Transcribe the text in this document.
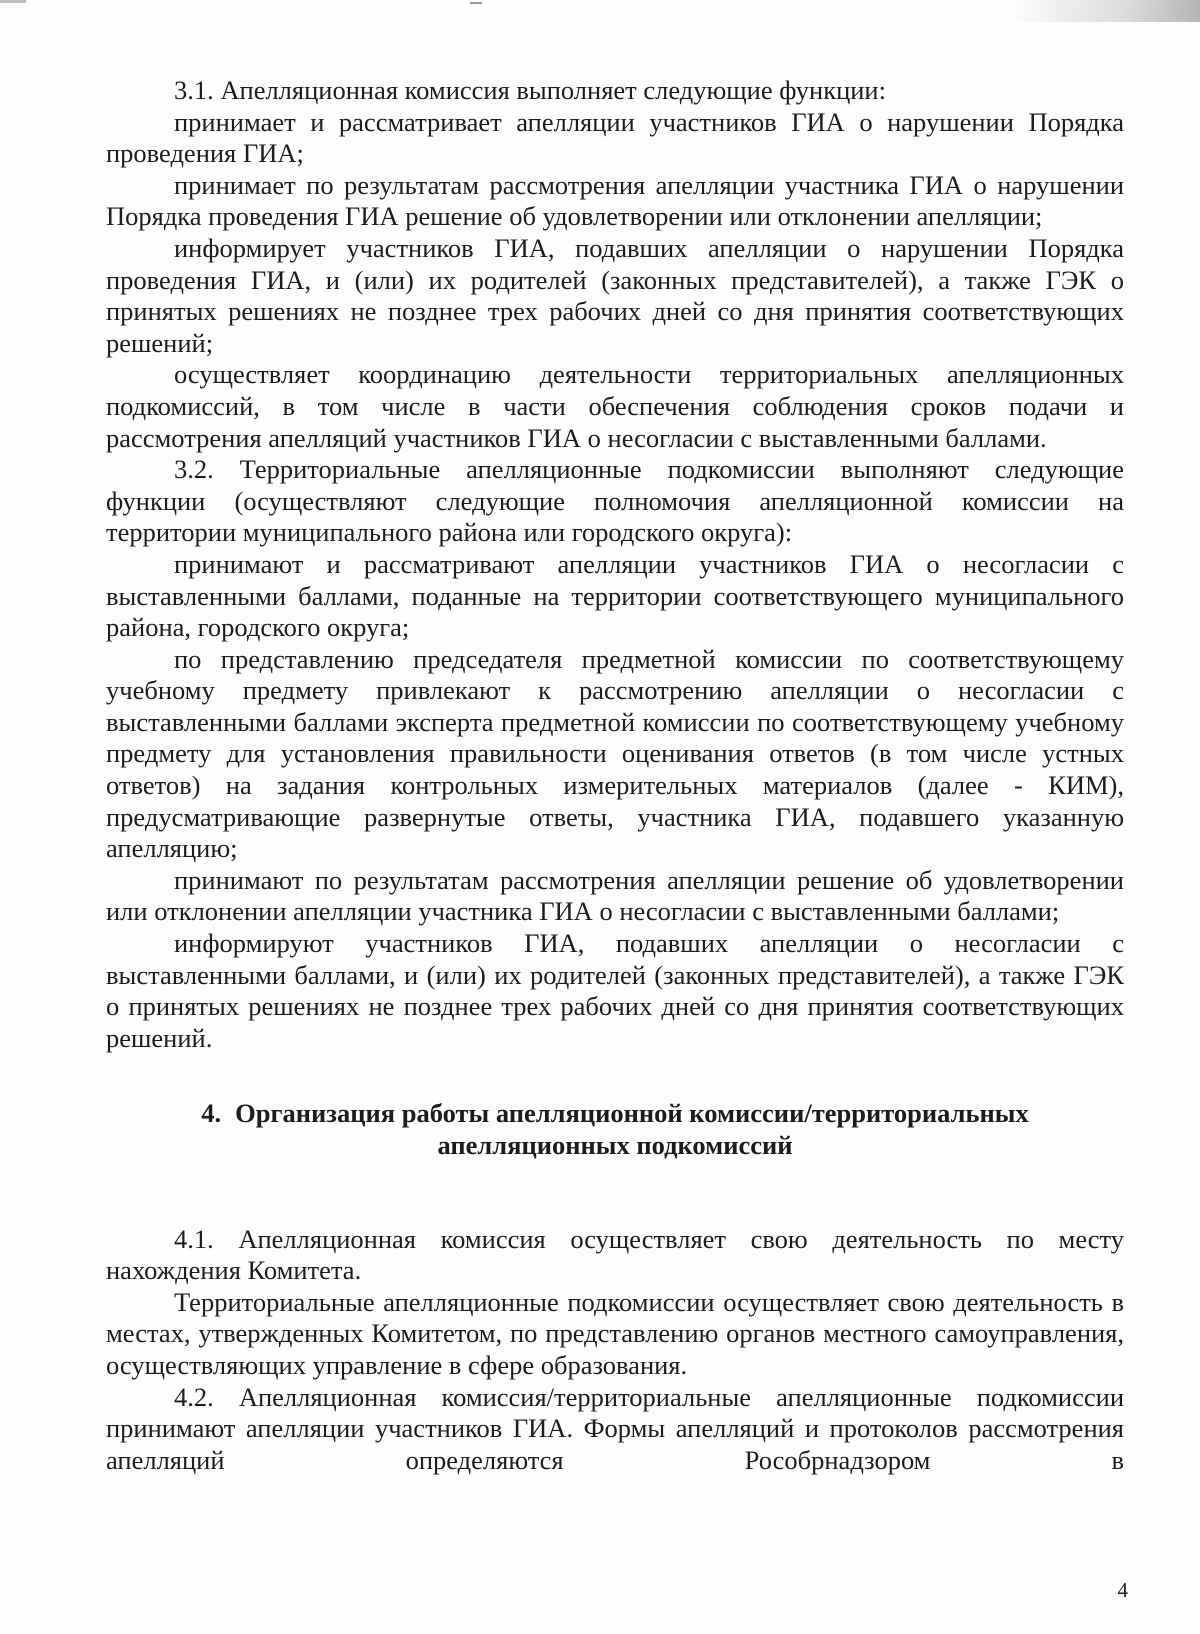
3.1. Апелляционная комиссия выполняет следующие функции:

принимает и рассматривает апелляции участников ГИА о нарушении Порядка проведения ГИА;

принимает по результатам рассмотрения апелляции участника ГИА о нарушении Порядка проведения ГИА решение об удовлетворении или отклонении апелляции;

информирует участников ГИА, подавших апелляции о нарушении Порядка проведения ГИА, и (или) их родителей (законных представителей), а также ГЭК о принятых решениях не позднее трех рабочих дней со дня принятия соответствующих решений;

осуществляет координацию деятельности территориальных апелляционных подкомиссий, в том числе в части обеспечения соблюдения сроков подачи и рассмотрения апелляций участников ГИА о несогласии с выставленными баллами.

3.2. Территориальные апелляционные подкомиссии выполняют следующие функции (осуществляют следующие полномочия апелляционной комиссии на территории муниципального района или городского округа):

принимают и рассматривают апелляции участников ГИА о несогласии с выставленными баллами, поданные на территории соответствующего муниципального района, городского округа;

по представлению председателя предметной комиссии по соответствующему учебному предмету привлекают к рассмотрению апелляции о несогласии с выставленными баллами эксперта предметной комиссии по соответствующему учебному предмету для установления правильности оценивания ответов (в том числе устных ответов) на задания контрольных измерительных материалов (далее - КИМ), предусматривающие развернутые ответы, участника ГИА, подавшего указанную апелляцию;

принимают по результатам рассмотрения апелляции решение об удовлетворении или отклонении апелляции участника ГИА о несогласии с выставленными баллами;

информируют участников ГИА, подавших апелляции о несогласии с выставленными баллами, и (или) их родителей (законных представителей), а также ГЭК о принятых решениях не позднее трех рабочих дней со дня принятия соответствующих решений.

4. Организация работы апелляционной комиссии/территориальных
апелляционных подкомиссий

4.1. Апелляционная комиссия осуществляет свою деятельность по месту нахождения Комитета.

Территориальные апелляционные подкомиссии осуществляет свою деятельность в местах, утвержденных Комитетом, по представлению органов местного самоуправления, осуществляющих управление в сфере образования.

4.2. Апелляционная комиссия/территориальные апелляционные подкомиссии принимают апелляции участников ГИА. Формы апелляций и протоколов рассмотрения апелляций определяются Рособрнадзором в

4
